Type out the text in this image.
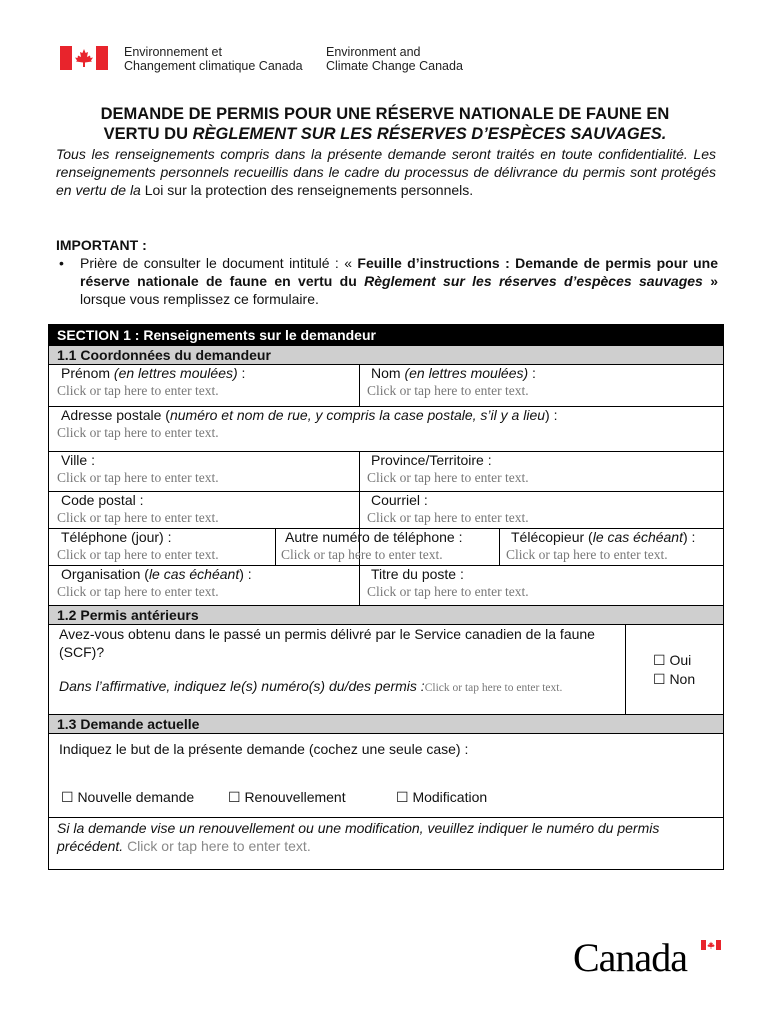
Environnement et
Changement climatique Canada
Environment and
Climate Change Canada
DEMANDE DE PERMIS POUR UNE RÉSERVE NATIONALE DE FAUNE EN
VERTU DU RÈGLEMENT SUR LES RÉSERVES D’ESPÈCES SAUVAGES.
Tous les renseignements compris dans la présente demande seront traités en toute confidentialité. Les renseignements personnels recueillis dans le cadre du processus de délivrance du permis sont protégés en vertu de la Loi sur la protection des renseignements personnels.
IMPORTANT :
• Prière de consulter le document intitulé : « Feuille d’instructions : Demande de permis pour une réserve nationale de faune en vertu du Règlement sur les réserves d’espèces sauvages » lorsque vous remplissez ce formulaire.
SECTION 1 : Renseignements sur le demandeur
1.1 Coordonnées du demandeur
Prénom (en lettres moulées) :
Click or tap here to enter text.
Nom (en lettres moulées) :
Click or tap here to enter text.
Adresse postale (numéro et nom de rue, y compris la case postale, s’il y a lieu) :
Click or tap here to enter text.
Ville :
Click or tap here to enter text.
Province/Territoire :
Click or tap here to enter text.
Code postal :
Click or tap here to enter text.
Courriel :
Click or tap here to enter text.
Téléphone (jour) :
Click or tap here to enter text.
Autre numéro de téléphone :
Click or tap here to enter text.
Télécopieur (le cas échéant) :
Click or tap here to enter text.
Organisation (le cas échéant) :
Click or tap here to enter text.
Titre du poste :
Click or tap here to enter text.
1.2 Permis antérieurs
Avez-vous obtenu dans le passé un permis délivré par le Service canadien de la faune (SCF)?
Dans l’affirmative, indiquez le(s) numéro(s) du/des permis :Click or tap here to enter text.
☐ Oui
☐ Non
1.3 Demande actuelle
Indiquez le but de la présente demande (cochez une seule case) :
☐ Nouvelle demande ☐ Renouvellement	☐ Modification
Si la demande vise un renouvellement ou une modification, veuillez indiquer le numéro du permis précédent. Click or tap here to enter text.
Canada
